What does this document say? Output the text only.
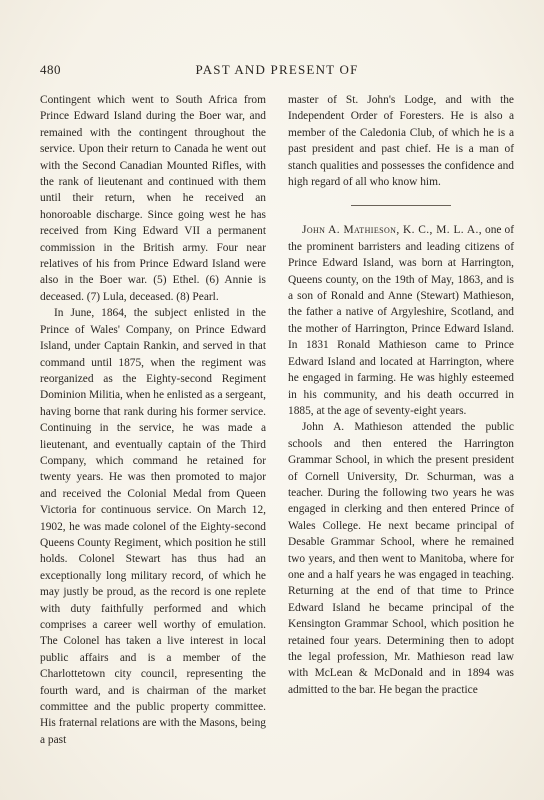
480	PAST AND PRESENT OF

Contingent which went to South Africa from Prince Edward Island during the Boer war, and remained with the contingent throughout the service. Upon their return to Canada he went out with the Second Canadian Mounted Rifles, with the rank of lieutenant and continued with them until their return, when he received an honoroable discharge. Since going west he has received from King Edward VII a permanent commission in the British army. Four near relatives of his from Prince Edward Island were also in the Boer war. (5) Ethel. (6) Annie is deceased. (7) Lula, deceased. (8) Pearl.

In June, 1864, the subject enlisted in the Prince of Wales' Company, on Prince Edward Island, under Captain Rankin, and served in that command until 1875, when the regiment was reorganized as the Eighty-second Regiment Dominion Militia, when he enlisted as a sergeant, having borne that rank during his former service. Continuing in the service, he was made a lieutenant, and eventually captain of the Third Company, which command he retained for twenty years. He was then promoted to major and received the Colonial Medal from Queen Victoria for continuous service. On March 12, 1902, he was made colonel of the Eighty-second Queens County Regiment, which position he still holds. Colonel Stewart has thus had an exceptionally long military record, of which he may justly be proud, as the record is one replete with duty faithfully performed and which comprises a career well worthy of emulation. The Colonel has taken a live interest in local public affairs and is a member of the Charlottetown city council, representing the fourth ward, and is chairman of the market committee and the public property committee. His fraternal relations are with the Masons, being a past

master of St. John's Lodge, and with the Independent Order of Foresters. He is also a member of the Caledonia Club, of which he is a past president and past chief. He is a man of stanch qualities and possesses the confidence and high regard of all who know him.

John A. Mathieson, K. C., M. L. A., one of the prominent barristers and leading citizens of Prince Edward Island, was born at Harrington, Queens county, on the 19th of May, 1863, and is a son of Ronald and Anne (Stewart) Mathieson, the father a native of Argyleshire, Scotland, and the mother of Harrington, Prince Edward Island. In 1831 Ronald Mathieson came to Prince Edward Island and located at Harrington, where he engaged in farming. He was highly esteemed in his community, and his death occurred in 1885, at the age of seventy-eight years.

John A. Mathieson attended the public schools and then entered the Harrington Grammar School, in which the present president of Cornell University, Dr. Schurman, was a teacher. During the following two years he was engaged in clerking and then entered Prince of Wales College. He next became principal of Desable Grammar School, where he remained two years, and then went to Manitoba, where for one and a half years he was engaged in teaching. Returning at the end of that time to Prince Edward Island he became principal of the Kensington Grammar School, which position he retained four years. Determining then to adopt the legal profession, Mr. Mathieson read law with McLean & McDonald and in 1894 was admitted to the bar. He began the practice
